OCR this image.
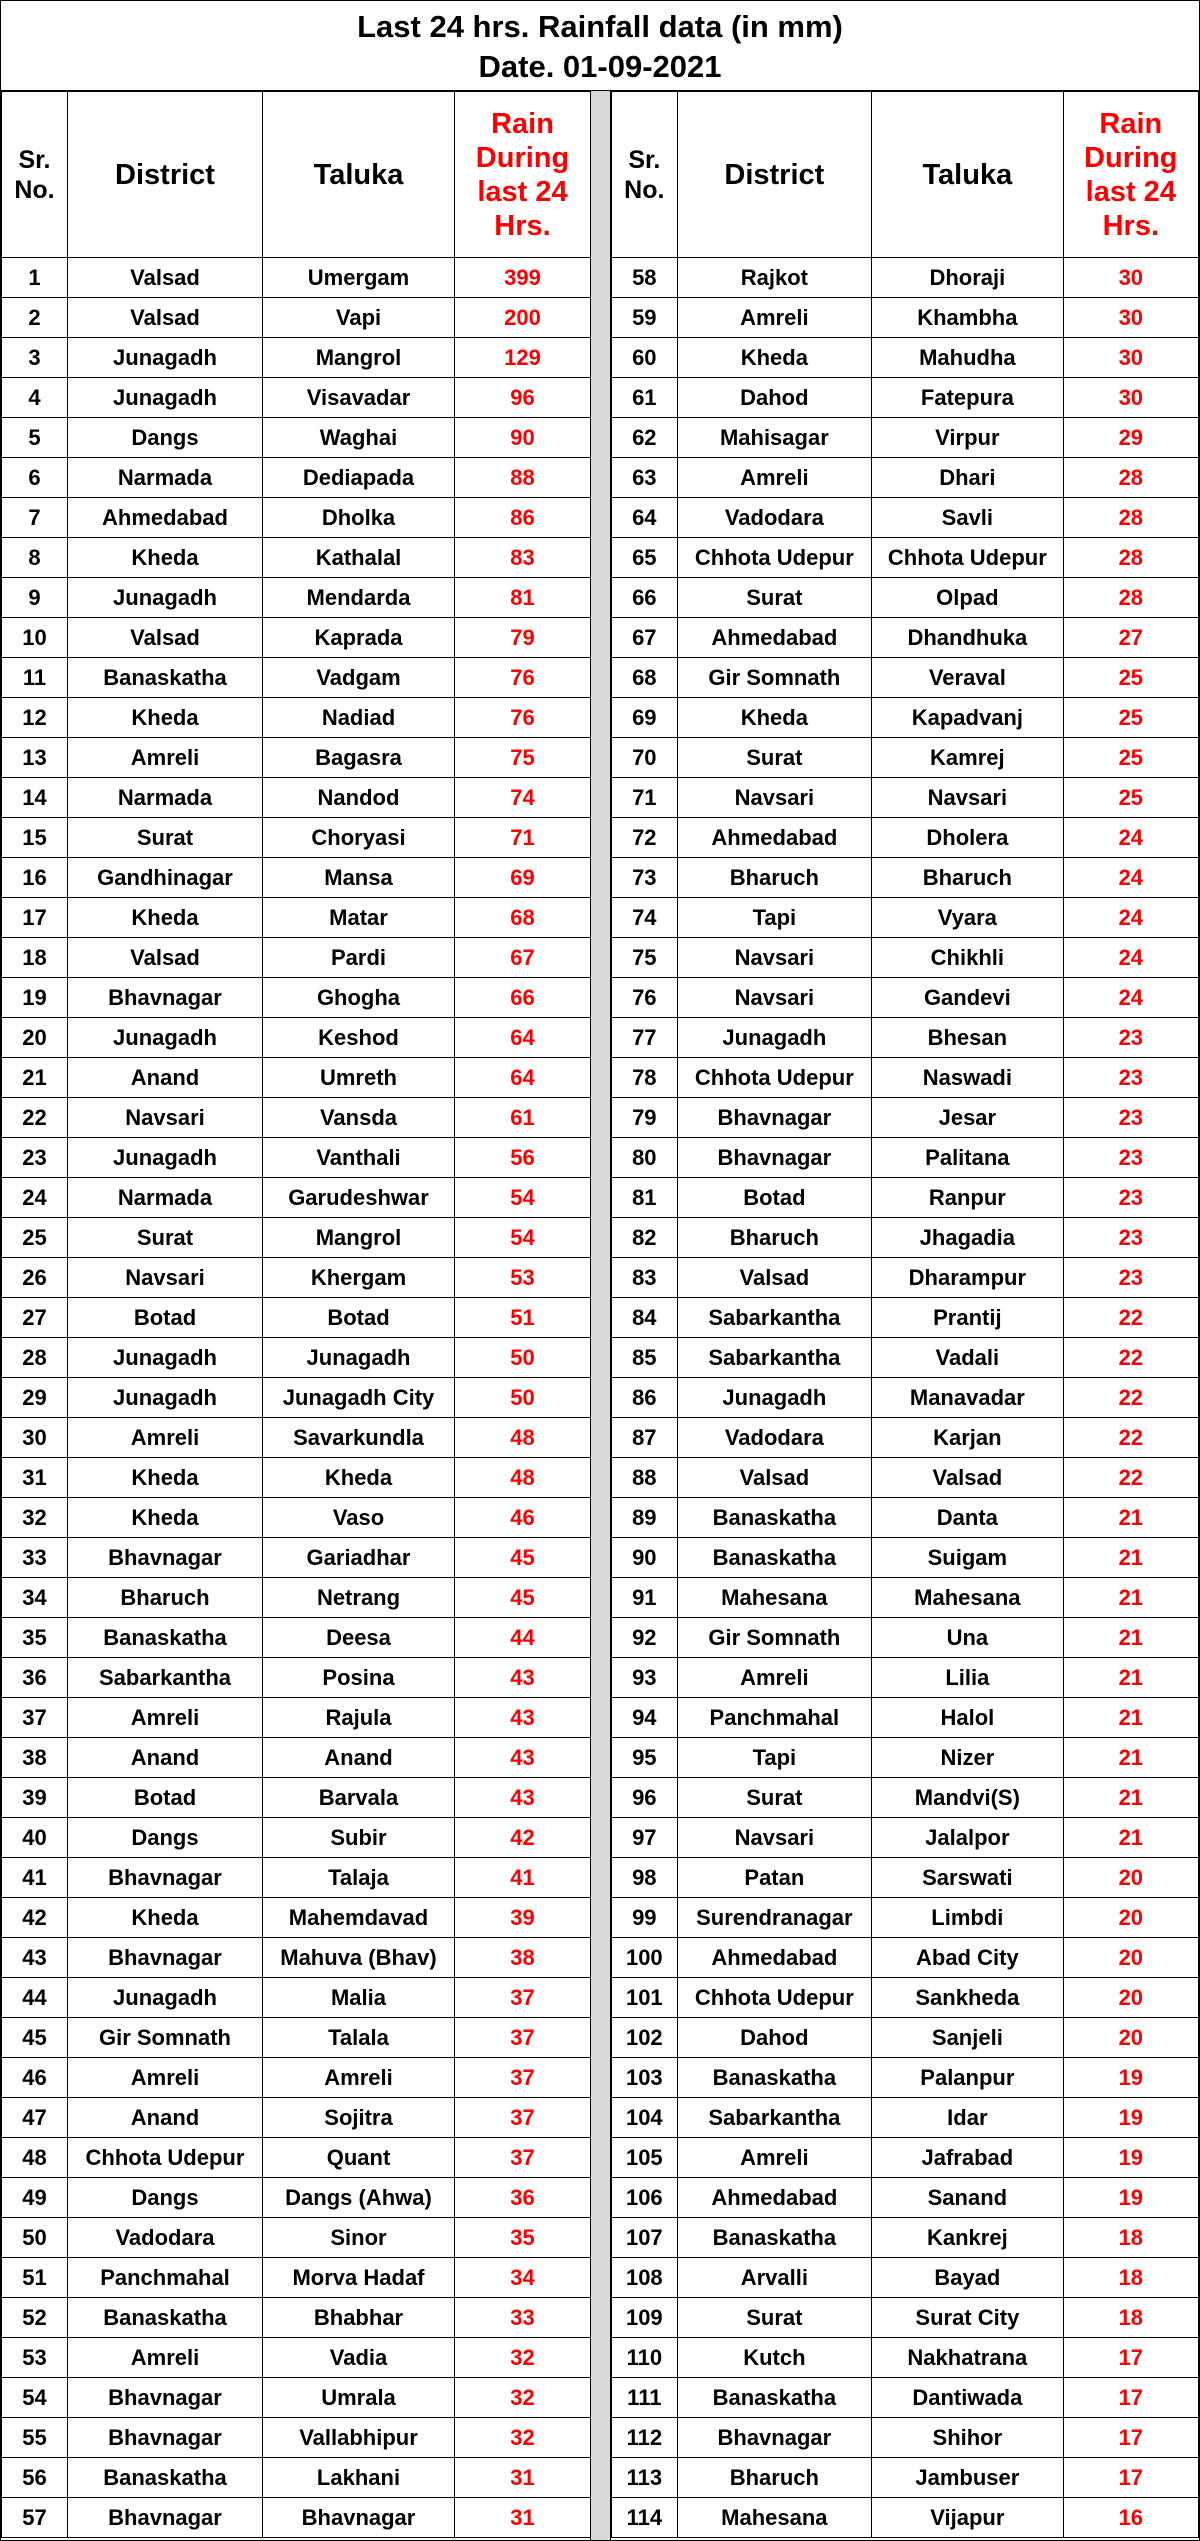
Last 24 hrs. Rainfall data (in mm)
Date. 01-09-2021
Sr. No.	District	Taluka	Rain During last 24 Hrs.
1	Valsad	Umergam	399
2	Valsad	Vapi	200
3	Junagadh	Mangrol	129
4	Junagadh	Visavadar	96
5	Dangs	Waghai	90
6	Narmada	Dediapada	88
7	Ahmedabad	Dholka	86
8	Kheda	Kathalal	83
9	Junagadh	Mendarda	81
10	Valsad	Kaprada	79
11	Banaskatha	Vadgam	76
12	Kheda	Nadiad	76
13	Amreli	Bagasra	75
14	Narmada	Nandod	74
15	Surat	Choryasi	71
16	Gandhinagar	Mansa	69
17	Kheda	Matar	68
18	Valsad	Pardi	67
19	Bhavnagar	Ghogha	66
20	Junagadh	Keshod	64
21	Anand	Umreth	64
22	Navsari	Vansda	61
23	Junagadh	Vanthali	56
24	Narmada	Garudeshwar	54
25	Surat	Mangrol	54
26	Navsari	Khergam	53
27	Botad	Botad	51
28	Junagadh	Junagadh	50
29	Junagadh	Junagadh City	50
30	Amreli	Savarkundla	48
31	Kheda	Kheda	48
32	Kheda	Vaso	46
33	Bhavnagar	Gariadhar	45
34	Bharuch	Netrang	45
35	Banaskatha	Deesa	44
36	Sabarkantha	Posina	43
37	Amreli	Rajula	43
38	Anand	Anand	43
39	Botad	Barvala	43
40	Dangs	Subir	42
41	Bhavnagar	Talaja	41
42	Kheda	Mahemdavad	39
43	Bhavnagar	Mahuva (Bhav)	38
44	Junagadh	Malia	37
45	Gir Somnath	Talala	37
46	Amreli	Amreli	37
47	Anand	Sojitra	37
48	Chhota Udepur	Quant	37
49	Dangs	Dangs (Ahwa)	36
50	Vadodara	Sinor	35
51	Panchmahal	Morva Hadaf	34
52	Banaskatha	Bhabhar	33
53	Amreli	Vadia	32
54	Bhavnagar	Umrala	32
55	Bhavnagar	Vallabhipur	32
56	Banaskatha	Lakhani	31
57	Bhavnagar	Bhavnagar	31
Sr. No.	District	Taluka	Rain During last 24 Hrs.
58	Rajkot	Dhoraji	30
59	Amreli	Khambha	30
60	Kheda	Mahudha	30
61	Dahod	Fatepura	30
62	Mahisagar	Virpur	29
63	Amreli	Dhari	28
64	Vadodara	Savli	28
65	Chhota Udepur	Chhota Udepur	28
66	Surat	Olpad	28
67	Ahmedabad	Dhandhuka	27
68	Gir Somnath	Veraval	25
69	Kheda	Kapadvanj	25
70	Surat	Kamrej	25
71	Navsari	Navsari	25
72	Ahmedabad	Dholera	24
73	Bharuch	Bharuch	24
74	Tapi	Vyara	24
75	Navsari	Chikhli	24
76	Navsari	Gandevi	24
77	Junagadh	Bhesan	23
78	Chhota Udepur	Naswadi	23
79	Bhavnagar	Jesar	23
80	Bhavnagar	Palitana	23
81	Botad	Ranpur	23
82	Bharuch	Jhagadia	23
83	Valsad	Dharampur	23
84	Sabarkantha	Prantij	22
85	Sabarkantha	Vadali	22
86	Junagadh	Manavadar	22
87	Vadodara	Karjan	22
88	Valsad	Valsad	22
89	Banaskatha	Danta	21
90	Banaskatha	Suigam	21
91	Mahesana	Mahesana	21
92	Gir Somnath	Una	21
93	Amreli	Lilia	21
94	Panchmahal	Halol	21
95	Tapi	Nizer	21
96	Surat	Mandvi(S)	21
97	Navsari	Jalalpor	21
98	Patan	Sarswati	20
99	Surendranagar	Limbdi	20
100	Ahmedabad	Abad City	20
101	Chhota Udepur	Sankheda	20
102	Dahod	Sanjeli	20
103	Banaskatha	Palanpur	19
104	Sabarkantha	Idar	19
105	Amreli	Jafrabad	19
106	Ahmedabad	Sanand	19
107	Banaskatha	Kankrej	18
108	Arvalli	Bayad	18
109	Surat	Surat City	18
110	Kutch	Nakhatrana	17
111	Banaskatha	Dantiwada	17
112	Bhavnagar	Shihor	17
113	Bharuch	Jambuser	17
114	Mahesana	Vijapur	16
